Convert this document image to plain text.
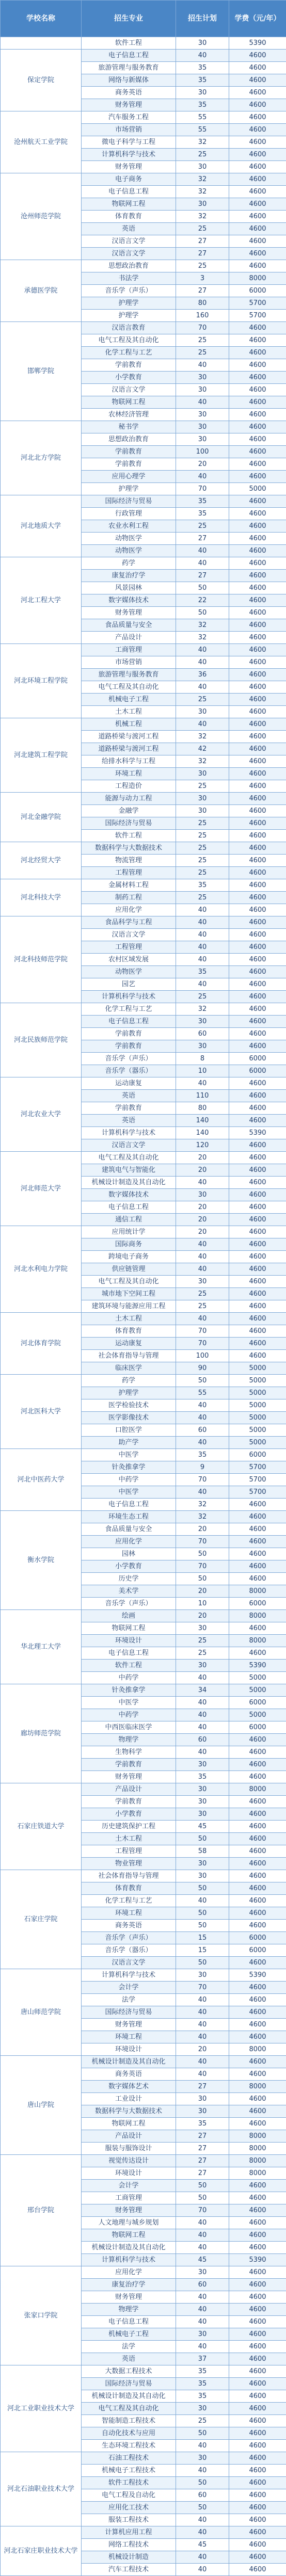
学校名称	招生专业	招生计划	学费（元/年）
	软件工程	30	5390
保定学院	电子信息工程	40	4600
	旅游管理与服务教育	35	4600
	网络与新媒体	35	4600
	商务英语	30	4600
	财务管理	35	4600
沧州航天工业学院	汽车服务工程	55	4600
	市场营销	55	4600
	微电子科学与工程	32	4600
	计算机科学与技术	25	4600
	财务管理	30	4600
沧州师范学院	电子商务	32	4600
	电子信息工程	32	4600
	物联网工程	30	4600
	体育教育	32	4600
	英语	25	4600
	汉语言文学	27	4600
	汉语言文学	27	4600
承德医学院	思想政治教育	25	4600
	书法学	3	8000
	音乐学（声乐）	27	6000
	护理学	80	5700
	护理学	160	5700
邯郸学院	汉语言教育	70	4600
	电气工程及其自动化	25	4600
	化学工程与工艺	25	4600
	学前教育	40	4600
	小学教育	30	4600
	汉语言文学	30	4600
	物联网工程	40	4600
	农林经济管理	30	4600
河北北方学院	秘书学	30	4600
	思想政治教育	30	4600
	学前教育	100	4600
	学前教育	20	4600
	应用心理学	40	4600
	护理学	70	5000
河北地质大学	国际经济与贸易	35	4600
	行政管理	35	4600
	农业水利工程	25	4600
	动物医学	27	4600
	动物医学	40	4600
河北工程大学	药学	40	4600
	康复治疗学	27	4600
	风景园林	50	4600
	数字媒体技术	22	4600
	财务管理	50	4600
	食品质量与安全	32	4600
	产品设计	32	4600
河北环境工程学院	工商管理	40	4600
	市场营销	40	4600
	旅游管理与服务教育	36	4600
	电气工程及其自动化	40	4600
	机械电子工程	25	4600
	土木工程	30	4600
河北建筑工程学院	机械工程	40	4600
	道路桥梁与渡河工程	32	4600
	道路桥梁与渡河工程	42	4600
	给排水科学与工程	32	4600
	环境工程	30	4600
	工程造价	25	4600
河北金融学院	能源与动力工程	30	4600
	金融学	30	4600
	国际经济与贸易	25	4600
	软件工程	25	4600
河北经贸大学	数据科学与大数据技术	25	4600
	物流管理	25	4600
	工程管理	25	4600
河北科技大学	金属材料工程	35	4600
	制药工程	25	4600
	应用化学	40	4600
河北科技师范学院	食品科学与工程	40	4600
	汉语言文学	40	4600
	工程管理	40	4600
	农村区域发展	40	4600
	动物医学	35	4600
	园艺	40	4600
	计算机科学与技术	25	4600
河北民族师范学院	化学工程与工艺	32	4600
	电子信息工程	30	4600
	学前教育	60	4600
	学前教育	30	4600
	音乐学（声乐）	8	6000
	音乐学（器乐）	10	6000
河北农业大学	运动康复	40	4600
	英语	110	4600
	学前教育	80	4600
	英语	140	4600
	计算机科学与技术	140	5390
	汉语言文学	120	4600
河北师范大学	电气工程及其自动化	20	4600
	建筑电气与智能化	20	4600
	机械设计制造及其自动化	40	4600
	数字媒体技术	30	4600
	电子信息工程	20	4600
	通信工程	20	4600
河北水利电力学院	应用统计学	20	4600
	国际商务	40	4600
	跨境电子商务	40	4600
	供应链管理	40	4600
	电气工程及其自动化	30	4600
	城市地下空间工程	25	4600
	建筑环境与能源应用工程	25	4600
河北体育学院	土木工程	40	4600
	体育教育	70	4600
	运动康复	70	4600
	社会体育指导与管理	100	4600
	临床医学	90	5000
河北医科大学	药学	50	5000
	护理学	55	5000
	医学检验技术	40	5000
	医学影像技术	40	5000
	口腔医学	60	5000
	助产学	40	5000
河北中医药大学	中医学	35	6000
	针灸推拿学	9	5700
	中药学	70	5700
	中医学	40	5700
	电子信息工程	32	4600
衡水学院	环境生态工程	32	4600
	食品质量与安全	20	4600
	应用化学	70	4600
	园林	50	4600
	小学教育	70	4600
	历史学	50	4600
	美术学	20	8000
	音乐学（声乐）	10	6000
华北理工大学	绘画	20	8000
	物联网工程	30	4600
	环境设计	25	8000
	电子信息工程	25	4600
	软件工程	30	5390
	中药学	40	5000
廊坊师范学院	针灸推拿学	34	5000
	中医学	40	6000
	中药学	40	5000
	中西医临床医学	40	6000
	物理学	60	4600
	生物科学	40	4600
	学前教育	30	4600
	财务管理	35	4600
石家庄铁道大学	产品设计	30	8000
	学前教育	30	4600
	小学教育	30	4600
	历史建筑保护工程	45	4600
	土木工程	50	4600
	工程管理	58	4600
	物业管理	30	4600
石家庄学院	社会体育指导与管理	30	4600
	体育教育	50	4600
	化学工程与工艺	40	4600
	环境工程	50	4600
	商务英语	50	4600
	音乐学（声乐）	15	6000
	音乐学（器乐）	15	6000
	汉语言文学	50	4600
唐山师范学院	计算机科学与技术	30	5390
	会计学	70	4600
	法学	40	4600
	国际经济与贸易	40	4600
	财务管理	40	4600
	环境工程	40	4600
	环境设计	20	8000
唐山学院	机械设计制造及其自动化	40	4600
	商务英语	40	4600
	数字媒体艺术	27	8000
	工业设计	30	4600
	数据科学与大数据技术	30	4600
	物联网工程	35	4600
	产品设计	27	8000
	服装与服饰设计	27	8000
邢台学院	视觉传达设计	27	8000
	环境设计	27	8000
	会计学	50	4600
	工商管理	50	4600
	财务管理	70	4600
	人文地理与城乡规划	40	4600
	物联网工程	40	4600
	机械设计制造及其自动化	40	4600
	计算机科学与技术	45	5390
张家口学院	应用化学	30	4600
	康复治疗学	60	4600
	财务管理	40	4600
	物理学	40	4600
	电子信息工程	40	4600
	机械电子工程	30	4600
	法学	40	4600
	英语	37	4600
河北工业职业技术大学	大数据工程技术	35	4600
	国际经济与贸易	35	4600
	机械设计制造及其自动化	35	4600
	电气工程及其自动化	30	4600
	智能制造工程技术	25	4600
	自动化技术与应用	50	4600
	生态环境工程技术	40	4600
河北石油职业技术大学	石油工程技术	30	4600
	机械电子工程技术	40	4600
	软件工程技术	50	4600
	电气工程及自动化	60	4600
	应用化工技术	50	4600
	服装工程技术	40	4600
河北石家庄职业技术大学	计算机应用工程	40	4600
	网络工程技术	45	4600
	机械设计制造	40	4600
	汽车工程技术	40	4600
